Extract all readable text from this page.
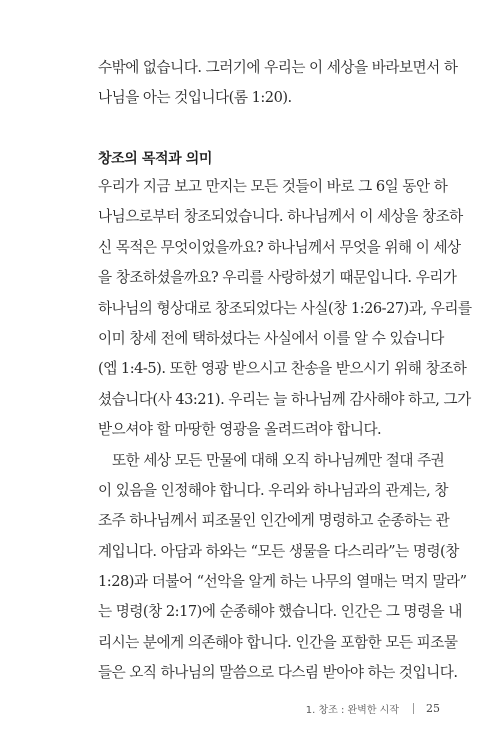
수밖에 없습니다. 그러기에 우리는 이 세상을 바라보면서 하
나님을 아는 것입니다(롬 1:20).
창조의 목적과 의미
우리가 지금 보고 만지는 모든 것들이 바로 그 6일 동안 하
나님으로부터 창조되었습니다. 하나님께서 이 세상을 창조하
신 목적은 무엇이었을까요? 하나님께서 무엇을 위해 이 세상
을 창조하셨을까요? 우리를 사랑하셨기 때문입니다. 우리가
하나님의 형상대로 창조되었다는 사실(창 1:26-27)과, 우리를
이미 창세 전에 택하셨다는 사실에서 이를 알 수 있습니다
(엡 1:4-5). 또한 영광 받으시고 찬송을 받으시기 위해 창조하
셨습니다(사 43:21). 우리는 늘 하나님께 감사해야 하고, 그가
받으셔야 할 마땅한 영광을 올려드려야 합니다.
또한 세상 모든 만물에 대해 오직 하나님께만 절대 주권
이 있음을 인정해야 합니다. 우리와 하나님과의 관계는, 창
조주 하나님께서 피조물인 인간에게 명령하고 순종하는 관
계입니다. 아담과 하와는 “모든 생물을 다스리라”는 명령(창
1:28)과 더불어 “선악을 알게 하는 나무의 열매는 먹지 말라”
는 명령(창 2:17)에 순종해야 했습니다. 인간은 그 명령을 내
리시는 분에게 의존해야 합니다. 인간을 포함한 모든 피조물
들은 오직 하나님의 말씀으로 다스림 받아야 하는 것입니다.
1. 창조 : 완벽한 시작 25
